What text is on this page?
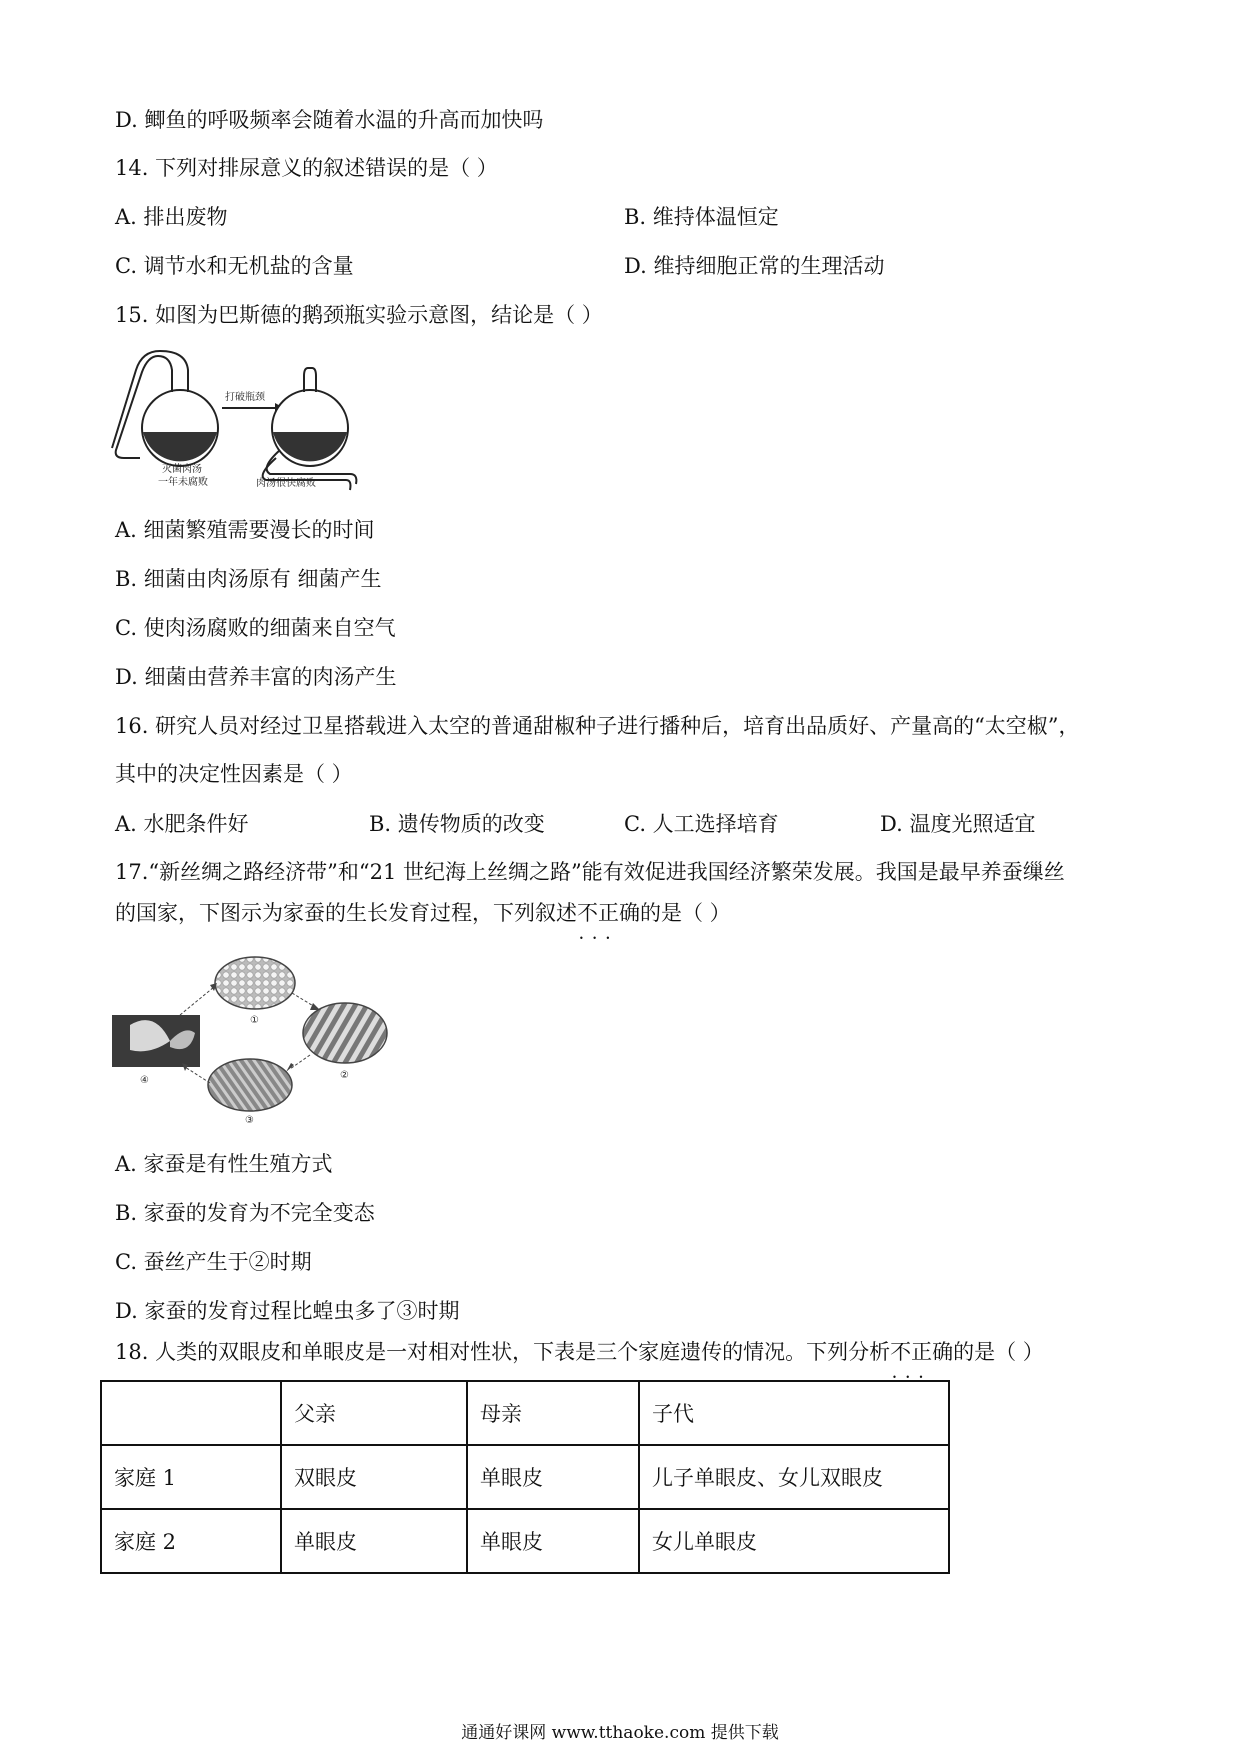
D. 鲫鱼的呼吸频率会随着水温的升高而加快吗
14. 下列对排尿意义的叙述错误的是（ ）
A. 排出废物	B. 维持体温恒定
C. 调节水和无机盐的含量	D. 维持细胞正常的生理活动
15. 如图为巴斯德的鹅颈瓶实验示意图，结论是（ ）
打破瓶颈
灭菌肉汤
一年未腐败	肉汤很快腐败
A. 细菌繁殖需要漫长的时间
B. 细菌由肉汤原有 细菌产生
C. 使肉汤腐败的细菌来自空气
D. 细菌由营养丰富的肉汤产生
16. 研究人员对经过卫星搭载进入太空的普通甜椒种子进行播种后，培育出品质好、产量高的“太空椒”，
其中的决定性因素是（ ）
A. 水肥条件好	B. 遗传物质的改变	C. 人工选择培育	D. 温度光照适宜
17.“新丝绸之路经济带”和“21 世纪海上丝绸之路”能有效促进我国经济繁荣发展。我国是最早养蚕缫丝
的国家，下图示为家蚕的生长发育过程，下列叙述不正确 • • •的是（ ）
①
②
③
④
A. 家蚕是有性生殖方式
B. 家蚕的发育为不完全变态
C. 蚕丝产生于②时期
D. 家蚕的发育过程比蝗虫多了③时期
18. 人类的双眼皮和单眼皮是一对相对性状，下表是三个家庭遗传的情况。下列分析不正确 • • •的是（ ）
	父亲	母亲	子代
家庭 1	双眼皮	单眼皮	儿子单眼皮、女儿双眼皮
家庭 2	单眼皮	单眼皮	女儿单眼皮
通通好课网 www.tthaoke.com 提供下载
